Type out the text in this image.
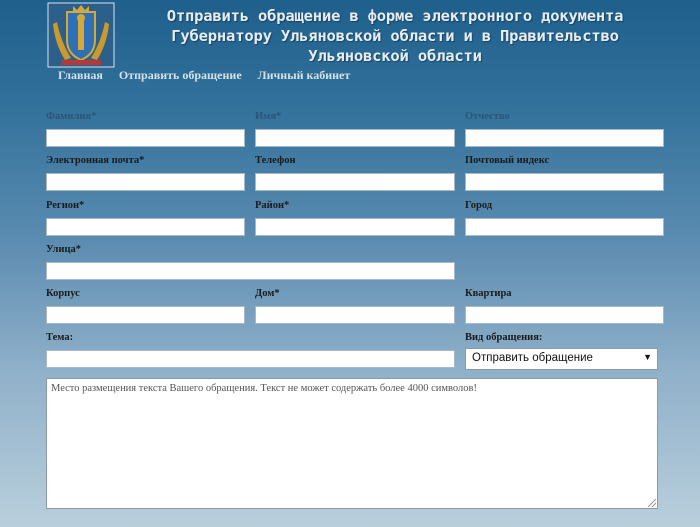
Отправить обращение в форме электронного документа
Губернатору Ульяновской области и в Правительство
Ульяновской области
Главная Отправить обращение Личный кабинет
Фамилия*	Имя*	Отчество
Электронная почта*	Телефон	Почтовый индекс
Регион*	Район*	Город
Улица*
Корпус	Дом*	Квартира
Тема:	Вид обращения:
Отправить обращение	▼
Место размещения текста Вашего обращения. Текст не может содержать более 4000 символов!
